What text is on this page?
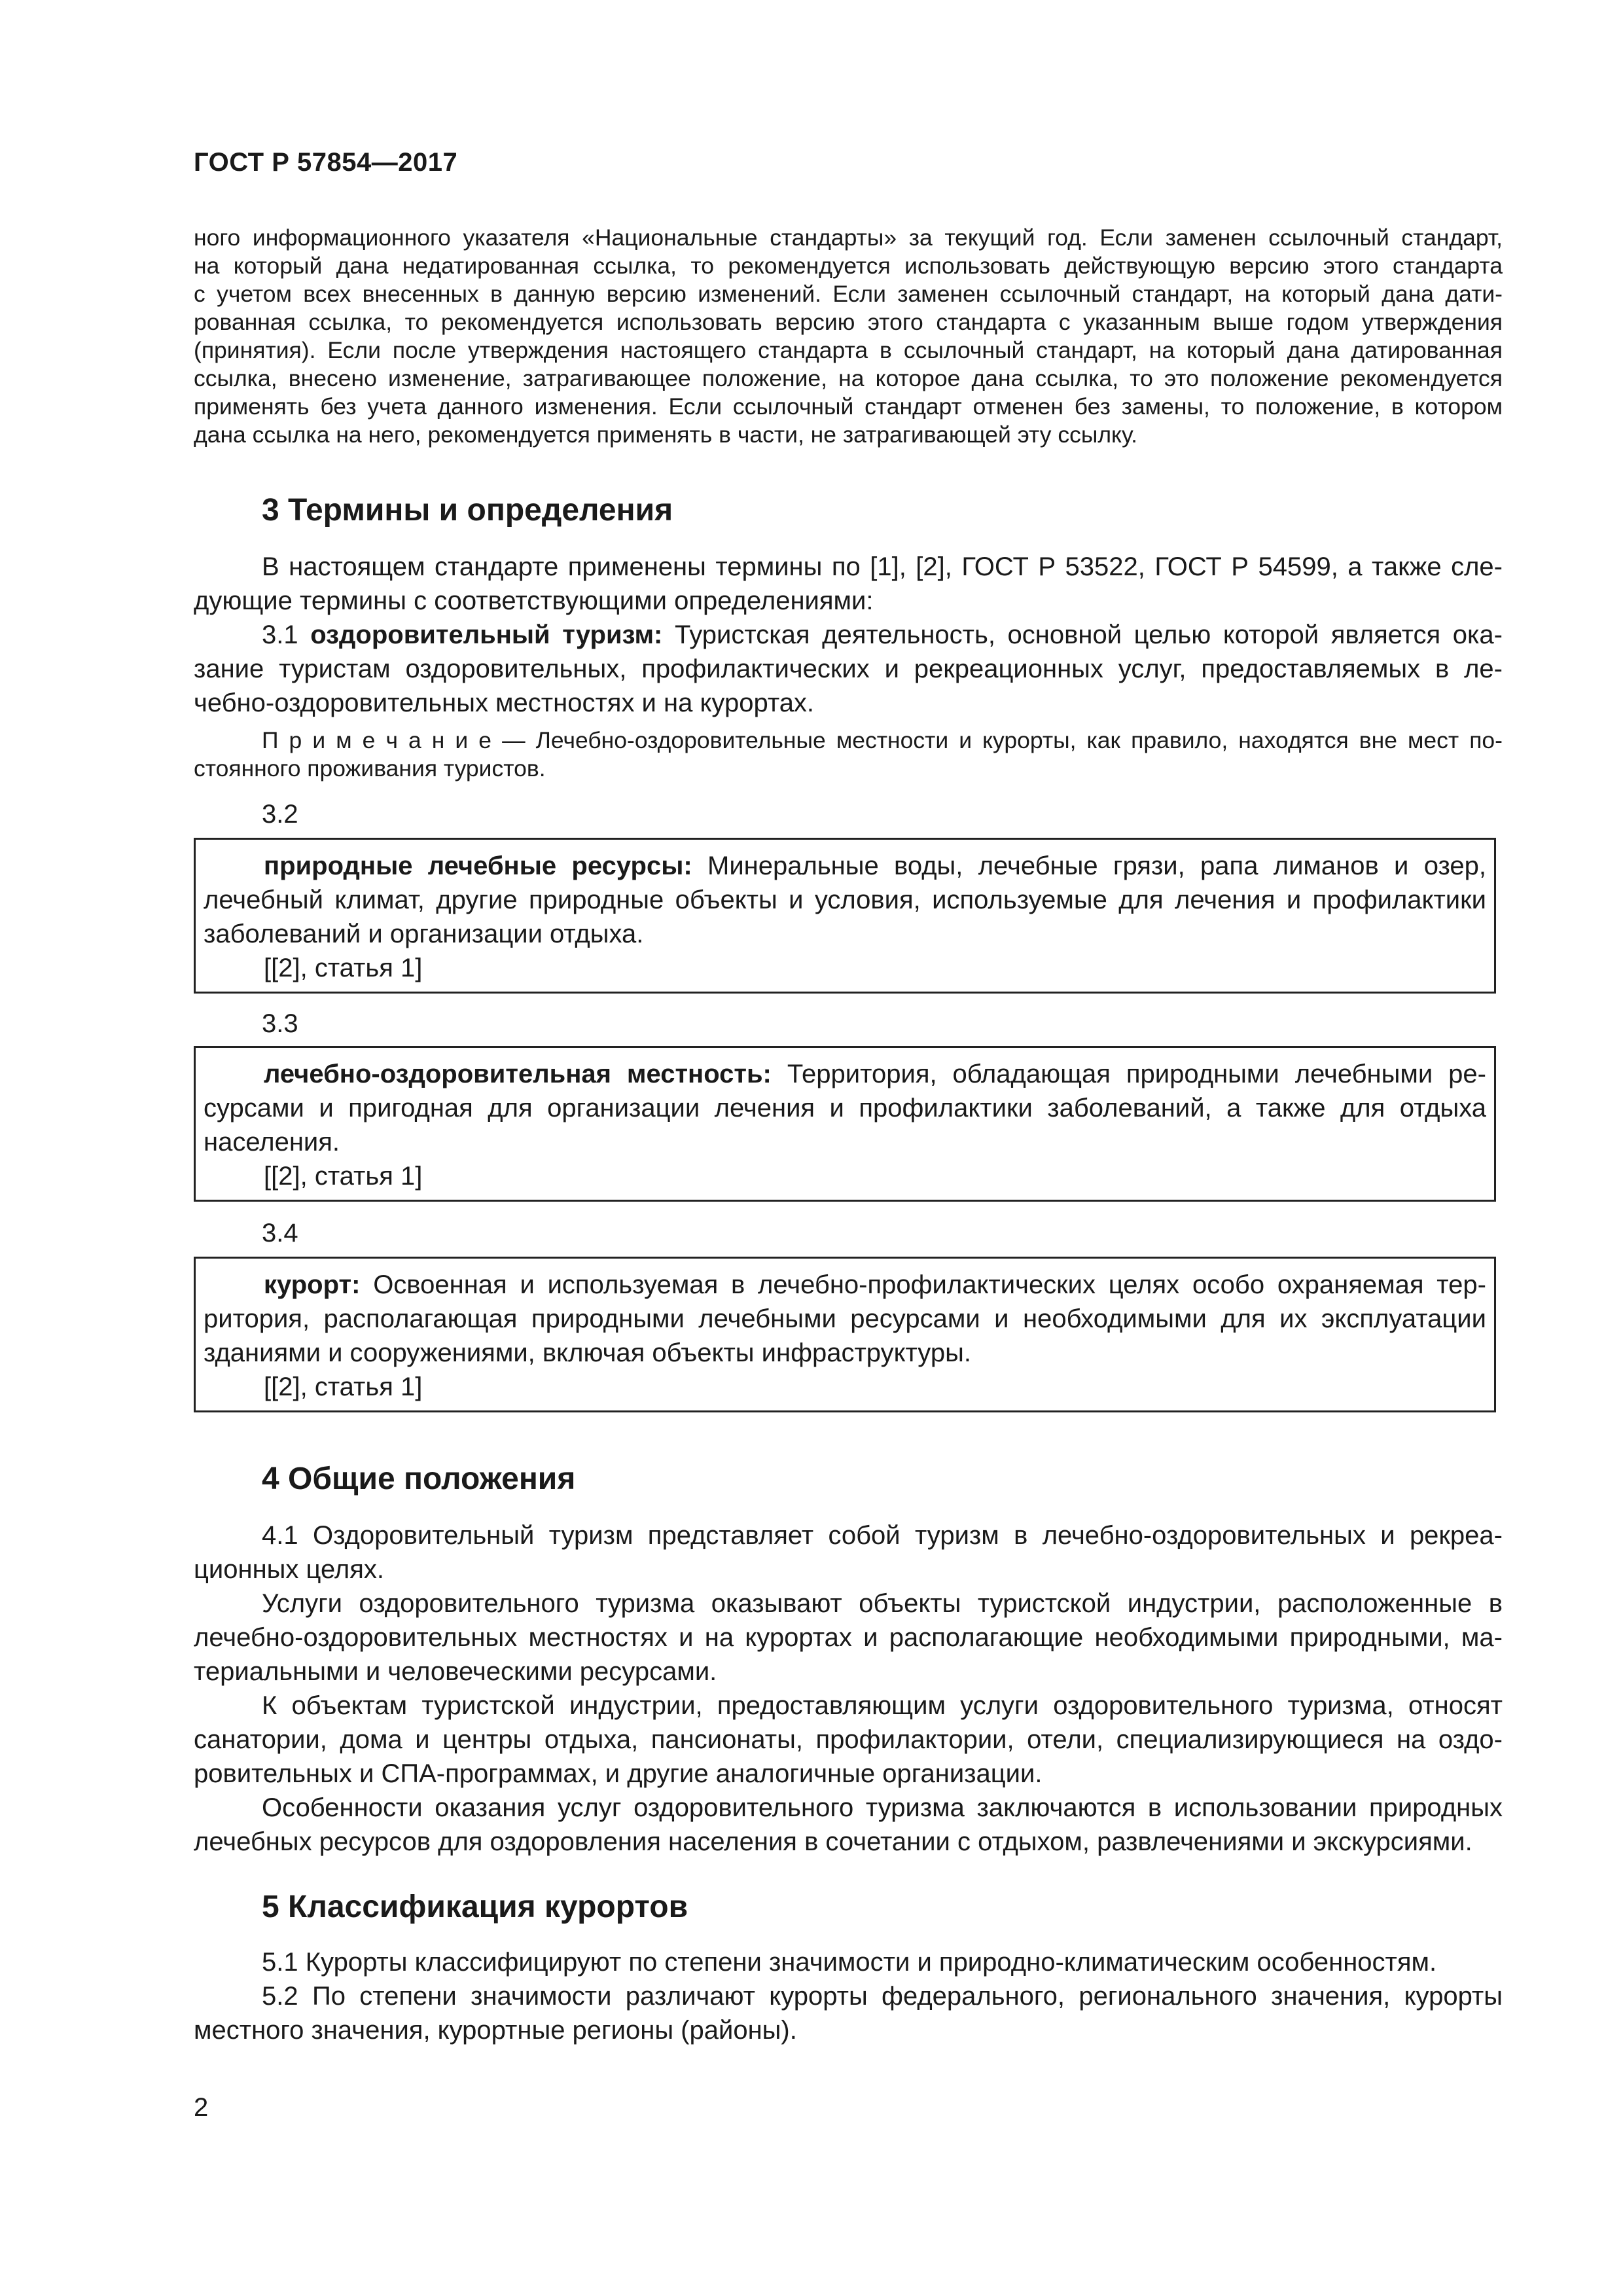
ГОСТ Р 57854—2017
ного информационного указателя «Национальные стандарты» за текущий год. Если заменен ссылочный стандарт,
на который дана недатированная ссылка, то рекомендуется использовать действующую версию этого стандарта
с учетом всех внесенных в данную версию изменений. Если заменен ссылочный стандарт, на который дана дати-
рованная ссылка, то рекомендуется использовать версию этого стандарта с указанным выше годом утверждения
(принятия). Если после утверждения настоящего стандарта в ссылочный стандарт, на который дана датированная
ссылка, внесено изменение, затрагивающее положение, на которое дана ссылка, то это положение рекомендуется
применять без учета данного изменения. Если ссылочный стандарт отменен без замены, то положение, в котором
дана ссылка на него, рекомендуется применять в части, не затрагивающей эту ссылку.
3 Термины и определения
В настоящем стандарте применены термины по [1], [2], ГОСТ Р 53522, ГОСТ Р 54599, а также сле-
дующие термины с соответствующими определениями:
3.1 оздоровительный туризм: Туристская деятельность, основной целью которой является ока-
зание туристам оздоровительных, профилактических и рекреационных услуг, предоставляемых в ле-
чебно-оздоровительных местностях и на курортах.
П р и м е ч а н и е — Лечебно-оздоровительные местности и курорты, как правило, находятся вне мест по-
стоянного проживания туристов.
3.2
природные лечебные ресурсы: Минеральные воды, лечебные грязи, рапа лиманов и озер,
лечебный климат, другие природные объекты и условия, используемые для лечения и профилактики
заболеваний и организации отдыха.
[[2], статья 1]
3.3
лечебно-оздоровительная местность: Территория, обладающая природными лечебными ре-
сурсами и пригодная для организации лечения и профилактики заболеваний, а также для отдыха
населения.
[[2], статья 1]
3.4
курорт: Освоенная и используемая в лечебно-профилактических целях особо охраняемая тер-
ритория, располагающая природными лечебными ресурсами и необходимыми для их эксплуатации
зданиями и сооружениями, включая объекты инфраструктуры.
[[2], статья 1]
4 Общие положения
4.1 Оздоровительный туризм представляет собой туризм в лечебно-оздоровительных и рекреа-
ционных целях.
Услуги оздоровительного туризма оказывают объекты туристской индустрии, расположенные в
лечебно-оздоровительных местностях и на курортах и располагающие необходимыми природными, ма-
териальными и человеческими ресурсами.
К объектам туристской индустрии, предоставляющим услуги оздоровительного туризма, относят
санатории, дома и центры отдыха, пансионаты, профилактории, отели, специализирующиеся на оздо-
ровительных и СПА-программах, и другие аналогичные организации.
Особенности оказания услуг оздоровительного туризма заключаются в использовании природных
лечебных ресурсов для оздоровления населения в сочетании с отдыхом, развлечениями и экскурсиями.
5 Классификация курортов
5.1 Курорты классифицируют по степени значимости и природно-климатическим особенностям.
5.2 По степени значимости различают курорты федерального, регионального значения, курорты
местного значения, курортные регионы (районы).
2
